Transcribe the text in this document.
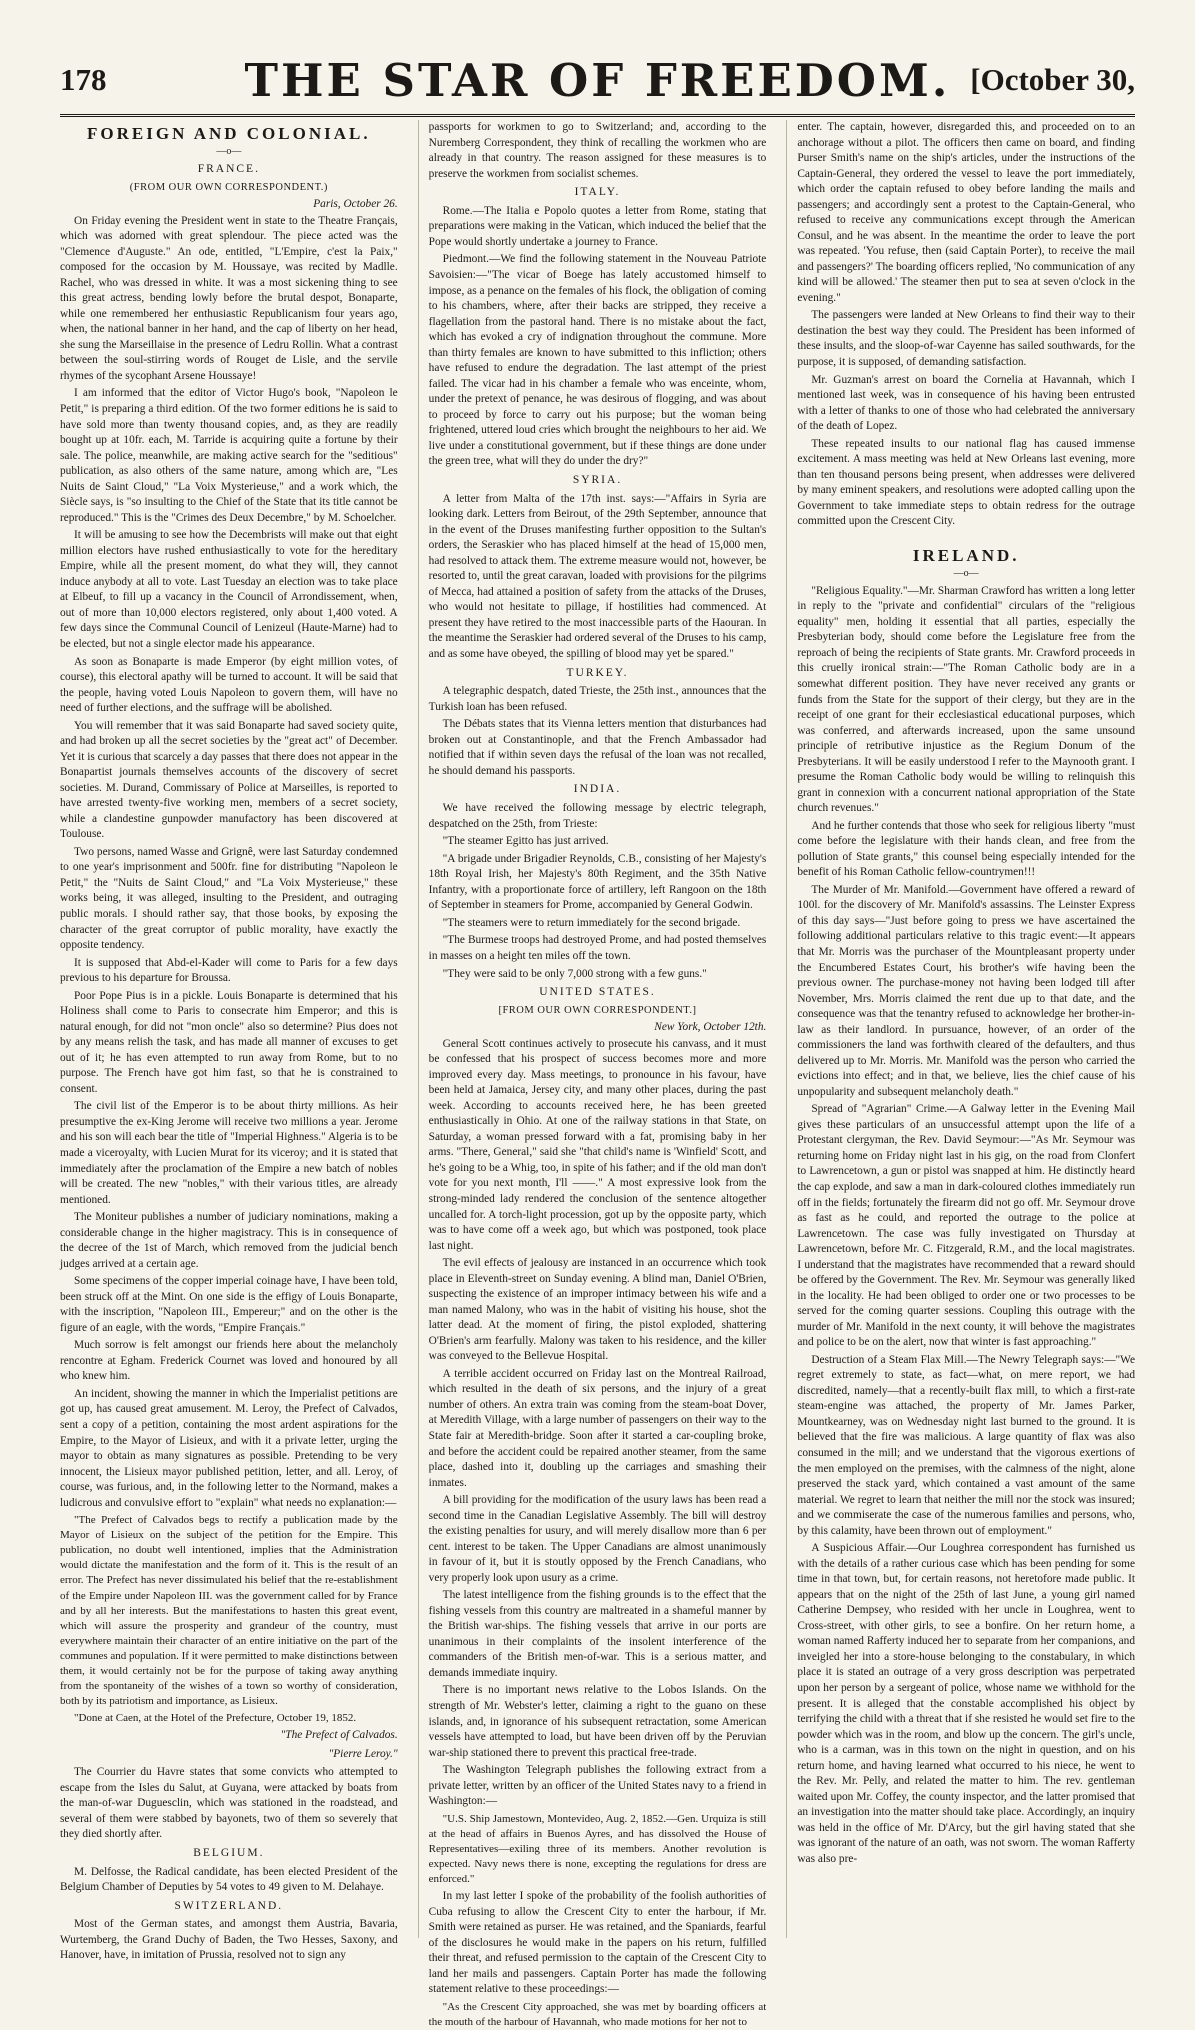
178	THE STAR OF FREEDOM. [October 30,
FOREIGN AND COLONIAL.
—o—
FRANCE.
(FROM OUR OWN CORRESPONDENT.)
Paris, October 26.

On Friday evening the President went in state to the Theatre Français, which was adorned with great splendour. The piece acted was the "Clemence d'Auguste." An ode, entitled, "L'Empire, c'est la Paix," composed for the occasion by M. Houssaye, was recited by Madlle. Rachel, who was dressed in white. It was a most sickening thing to see this great actress, bending lowly before the brutal despot, Bonaparte, while one remembered her enthusiastic Republicanism four years ago, when, the national banner in her hand, and the cap of liberty on her head, she sung the Marseillaise in the presence of Ledru Rollin. What a contrast between the soul-stirring words of Rouget de Lisle, and the servile rhymes of the sycophant Arsene Houssaye!

I am informed that the editor of Victor Hugo's book, "Napoleon le Petit," is preparing a third edition. Of the two former editions he is said to have sold more than twenty thousand copies, and, as they are readily bought up at 10fr. each, M. Tarride is acquiring quite a fortune by their sale. The police, meanwhile, are making active search for the "seditious" publication, as also others of the same nature, among which are, "Les Nuits de Saint Cloud," "La Voix Mysterieuse," and a work which, the Siècle says, is "so insulting to the Chief of the State that its title cannot be reproduced." This is the "Crimes des Deux Decembre," by M. Schoelcher.

It will be amusing to see how the Decembrists will make out that eight million electors have rushed enthusiastically to vote for the hereditary Empire, while all the present moment, do what they will, they cannot induce anybody at all to vote. Last Tuesday an election was to take place at Elbeuf, to fill up a vacancy in the Council of Arrondissement, when, out of more than 10,000 electors registered, only about 1,400 voted. A few days since the Communal Council of Lenizeul (Haute-Marne) had to be elected, but not a single elector made his appearance.

As soon as Bonaparte is made Emperor (by eight million votes, of course), this electoral apathy will be turned to account. It will be said that the people, having voted Louis Napoleon to govern them, will have no need of further elections, and the suffrage will be abolished.

You will remember that it was said Bonaparte had saved society quite, and had broken up all the secret societies by the "great act" of December. Yet it is curious that scarcely a day passes that there does not appear in the Bonapartist journals themselves accounts of the discovery of secret societies. M. Durand, Commissary of Police at Marseilles, is reported to have arrested twenty-five working men, members of a secret society, while a clandestine gunpowder manufactory has been discovered at Toulouse.

Two persons, named Wasse and Grignê, were last Saturday condemned to one year's imprisonment and 500fr. fine for distributing "Napoleon le Petit," the "Nuits de Saint Cloud," and "La Voix Mysterieuse," these works being, it was alleged, insulting to the President, and outraging public morals. I should rather say, that those books, by exposing the character of the great corruptor of public morality, have exactly the opposite tendency.

It is supposed that Abd-el-Kader will come to Paris for a few days previous to his departure for Broussa.

Poor Pope Pius is in a pickle. Louis Bonaparte is determined that his Holiness shall come to Paris to consecrate him Emperor; and this is natural enough, for did not "mon oncle" also so determine? Pius does not by any means relish the task, and has made all manner of excuses to get out of it; he has even attempted to run away from Rome, but to no purpose. The French have got him fast, so that he is constrained to consent.

The civil list of the Emperor is to be about thirty millions. As heir presumptive the ex-King Jerome will receive two millions a year. Jerome and his son will each bear the title of "Imperial Highness." Algeria is to be made a viceroyalty, with Lucien Murat for its viceroy; and it is stated that immediately after the proclamation of the Empire a new batch of nobles will be created. The new "nobles," with their various titles, are already mentioned.

The Moniteur publishes a number of judiciary nominations, making a considerable change in the higher magistracy. This is in consequence of the decree of the 1st of March, which removed from the judicial bench judges arrived at a certain age.

Some specimens of the copper imperial coinage have, I have been told, been struck off at the Mint. On one side is the effigy of Louis Bonaparte, with the inscription, "Napoleon III., Empereur;" and on the other is the figure of an eagle, with the words, "Empire Français."

Much sorrow is felt amongst our friends here about the melancholy rencontre at Egham. Frederick Cournet was loved and honoured by all who knew him.

An incident, showing the manner in which the Imperialist petitions are got up, has caused great amusement. M. Leroy, the Prefect of Calvados, sent a copy of a petition, containing the most ardent aspirations for the Empire, to the Mayor of Lisieux, and with it a private letter, urging the mayor to obtain as many signatures as possible. Pretending to be very innocent, the Lisieux mayor published petition, letter, and all. Leroy, of course, was furious, and, in the following letter to the Normand, makes a ludicrous and convulsive effort to "explain" what needs no explanation:—

"The Prefect of Calvados begs to rectify a publication made by the Mayor of Lisieux on the subject of the petition for the Empire. This publication, no doubt well intentioned, implies that the Administration would dictate the manifestation and the form of it. This is the result of an error. The Prefect has never dissimulated his belief that the re-establishment of the Empire under Napoleon III. was the government called for by France and by all her interests. But the manifestations to hasten this great event, which will assure the prosperity and grandeur of the country, must everywhere maintain their character of an entire initiative on the part of the communes and population. If it were permitted to make distinctions between them, it would certainly not be for the purpose of taking away anything from the spontaneity of the wishes of a town so worthy of consideration, both by its patriotism and importance, as Lisieux.

"Done at Caen, at the Hotel of the Prefecture, October 19, 1852.

"The Prefect of Calvados.
"Pierre Leroy."

The Courrier du Havre states that some convicts who attempted to escape from the Isles du Salut, at Guyana, were attacked by boats from the man-of-war Duguesclin, which was stationed in the roadstead, and several of them were stabbed by bayonets, two of them so severely that they died shortly after.

BELGIUM.

M. Delfosse, the Radical candidate, has been elected President of the Belgium Chamber of Deputies by 54 votes to 49 given to M. Delahaye.

SWITZERLAND.

Most of the German states, and amongst them Austria, Bavaria, Wurtemberg, the Grand Duchy of Baden, the Two Hesses, Saxony, and Hanover, have, in imitation of Prussia, resolved not to sign any

passports for workmen to go to Switzerland; and, according to the Nuremberg Correspondent, they think of recalling the workmen who are already in that country. The reason assigned for these measures is to preserve the workmen from socialist schemes.

ITALY.

Rome.—The Italia e Popolo quotes a letter from Rome, stating that preparations were making in the Vatican, which induced the belief that the Pope would shortly undertake a journey to France.

Piedmont.—We find the following statement in the Nouveau Patriote Savoisien:—"The vicar of Boege has lately accustomed himself to impose, as a penance on the females of his flock, the obligation of coming to his chambers, where, after their backs are stripped, they receive a flagellation from the pastoral hand. There is no mistake about the fact, which has evoked a cry of indignation throughout the commune. More than thirty females are known to have submitted to this infliction; others have refused to endure the degradation. The last attempt of the priest failed. The vicar had in his chamber a female who was enceinte, whom, under the pretext of penance, he was desirous of flogging, and was about to proceed by force to carry out his purpose; but the woman being frightened, uttered loud cries which brought the neighbours to her aid. We live under a constitutional government, but if these things are done under the green tree, what will they do under the dry?"

SYRIA.

A letter from Malta of the 17th inst. says:—"Affairs in Syria are looking dark. Letters from Beirout, of the 29th September, announce that in the event of the Druses manifesting further opposition to the Sultan's orders, the Seraskier who has placed himself at the head of 15,000 men, had resolved to attack them. The extreme measure would not, however, be resorted to, until the great caravan, loaded with provisions for the pilgrims of Mecca, had attained a position of safety from the attacks of the Druses, who would not hesitate to pillage, if hostilities had commenced. At present they have retired to the most inaccessible parts of the Haouran. In the meantime the Seraskier had ordered several of the Druses to his camp, and as some have obeyed, the spilling of blood may yet be spared."

TURKEY.

A telegraphic despatch, dated Trieste, the 25th inst., announces that the Turkish loan has been refused.

The Débats states that its Vienna letters mention that disturbances had broken out at Constantinople, and that the French Ambassador had notified that if within seven days the refusal of the loan was not recalled, he should demand his passports.

INDIA.

We have received the following message by electric telegraph, despatched on the 25th, from Trieste:

"The steamer Egitto has just arrived.

"A brigade under Brigadier Reynolds, C.B., consisting of her Majesty's 18th Royal Irish, her Majesty's 80th Regiment, and the 35th Native Infantry, with a proportionate force of artillery, left Rangoon on the 18th of September in steamers for Prome, accompanied by General Godwin.

"The steamers were to return immediately for the second brigade.

"The Burmese troops had destroyed Prome, and had posted themselves in masses on a height ten miles off the town.

"They were said to be only 7,000 strong with a few guns."

UNITED STATES.
[FROM OUR OWN CORRESPONDENT.]
New York, October 12th.

General Scott continues actively to prosecute his canvass, and it must be confessed that his prospect of success becomes more and more improved every day. Mass meetings, to pronounce in his favour, have been held at Jamaica, Jersey city, and many other places, during the past week. According to accounts received here, he has been greeted enthusiastically in Ohio. At one of the railway stations in that State, on Saturday, a woman pressed forward with a fat, promising baby in her arms. "There, General," said she "that child's name is 'Winfield' Scott, and he's going to be a Whig, too, in spite of his father; and if the old man don't vote for you next month, I'll ——." A most expressive look from the strong-minded lady rendered the conclusion of the sentence altogether uncalled for. A torch-light procession, got up by the opposite party, which was to have come off a week ago, but which was postponed, took place last night.

The evil effects of jealousy are instanced in an occurrence which took place in Eleventh-street on Sunday evening. A blind man, Daniel O'Brien, suspecting the existence of an improper intimacy between his wife and a man named Malony, who was in the habit of visiting his house, shot the latter dead. At the moment of firing, the pistol exploded, shattering O'Brien's arm fearfully. Malony was taken to his residence, and the killer was conveyed to the Bellevue Hospital.

A terrible accident occurred on Friday last on the Montreal Railroad, which resulted in the death of six persons, and the injury of a great number of others. An extra train was coming from the steam-boat Dover, at Meredith Village, with a large number of passengers on their way to the State fair at Meredith-bridge. Soon after it started a car-coupling broke, and before the accident could be repaired another steamer, from the same place, dashed into it, doubling up the carriages and smashing their inmates.

A bill providing for the modification of the usury laws has been read a second time in the Canadian Legislative Assembly. The bill will destroy the existing penalties for usury, and will merely disallow more than 6 per cent. interest to be taken. The Upper Canadians are almost unanimously in favour of it, but it is stoutly opposed by the French Canadians, who very properly look upon usury as a crime.

The latest intelligence from the fishing grounds is to the effect that the fishing vessels from this country are maltreated in a shameful manner by the British war-ships. The fishing vessels that arrive in our ports are unanimous in their complaints of the insolent interference of the commanders of the British men-of-war. This is a serious matter, and demands immediate inquiry.

There is no important news relative to the Lobos Islands. On the strength of Mr. Webster's letter, claiming a right to the guano on these islands, and, in ignorance of his subsequent retractation, some American vessels have attempted to load, but have been driven off by the Peruvian war-ship stationed there to prevent this practical free-trade.

The Washington Telegraph publishes the following extract from a private letter, written by an officer of the United States navy to a friend in Washington:—

"U.S. Ship Jamestown, Montevideo, Aug. 2, 1852.—Gen. Urquiza is still at the head of affairs in Buenos Ayres, and has dissolved the House of Representatives—exiling three of its members. Another revolution is expected. Navy news there is none, excepting the regulations for dress are enforced."

In my last letter I spoke of the probability of the foolish authorities of Cuba refusing to allow the Crescent City to enter the harbour, if Mr. Smith were retained as purser. He was retained, and the Spaniards, fearful of the disclosures he would make in the papers on his return, fulfilled their threat, and refused permission to the captain of the Crescent City to land her mails and passengers. Captain Porter has made the following statement relative to these proceedings:—

"As the Crescent City approached, she was met by boarding officers at the mouth of the harbour of Havannah, who made motions for her not to

enter. The captain, however, disregarded this, and proceeded on to an anchorage without a pilot. The officers then came on board, and finding Purser Smith's name on the ship's articles, under the instructions of the Captain-General, they ordered the vessel to leave the port immediately, which order the captain refused to obey before landing the mails and passengers; and accordingly sent a protest to the Captain-General, who refused to receive any communications except through the American Consul, and he was absent. In the meantime the order to leave the port was repeated. 'You refuse, then (said Captain Porter), to receive the mail and passengers?' The boarding officers replied, 'No communication of any kind will be allowed.' The steamer then put to sea at seven o'clock in the evening."

The passengers were landed at New Orleans to find their way to their destination the best way they could. The President has been informed of these insults, and the sloop-of-war Cayenne has sailed southwards, for the purpose, it is supposed, of demanding satisfaction.

Mr. Guzman's arrest on board the Cornelia at Havannah, which I mentioned last week, was in consequence of his having been entrusted with a letter of thanks to one of those who had celebrated the anniversary of the death of Lopez.

These repeated insults to our national flag has caused immense excitement. A mass meeting was held at New Orleans last evening, more than ten thousand persons being present, when addresses were delivered by many eminent speakers, and resolutions were adopted calling upon the Government to take immediate steps to obtain redress for the outrage committed upon the Crescent City.

IRELAND.
—o—

"Religious Equality."—Mr. Sharman Crawford has written a long letter in reply to the "private and confidential" circulars of the "religious equality" men, holding it essential that all parties, especially the Presbyterian body, should come before the Legislature free from the reproach of being the recipients of State grants. Mr. Crawford proceeds in this cruelly ironical strain:—"The Roman Catholic body are in a somewhat different position. They have never received any grants or funds from the State for the support of their clergy, but they are in the receipt of one grant for their ecclesiastical educational purposes, which was conferred, and afterwards increased, upon the same unsound principle of retributive injustice as the Regium Donum of the Presbyterians. It will be easily understood I refer to the Maynooth grant. I presume the Roman Catholic body would be willing to relinquish this grant in connexion with a concurrent national appropriation of the State church revenues."

And he further contends that those who seek for religious liberty "must come before the legislature with their hands clean, and free from the pollution of State grants," this counsel being especially intended for the benefit of his Roman Catholic fellow-countrymen!!!

The Murder of Mr. Manifold.—Government have offered a reward of 100l. for the discovery of Mr. Manifold's assassins. The Leinster Express of this day says—"Just before going to press we have ascertained the following additional particulars relative to this tragic event:—It appears that Mr. Morris was the purchaser of the Mountpleasant property under the Encumbered Estates Court, his brother's wife having been the previous owner. The purchase-money not having been lodged till after November, Mrs. Morris claimed the rent due up to that date, and the consequence was that the tenantry refused to acknowledge her brother-in-law as their landlord. In pursuance, however, of an order of the commissioners the land was forthwith cleared of the defaulters, and thus delivered up to Mr. Morris. Mr. Manifold was the person who carried the evictions into effect; and in that, we believe, lies the chief cause of his unpopularity and subsequent melancholy death."

Spread of "Agrarian" Crime.—A Galway letter in the Evening Mail gives these particulars of an unsuccessful attempt upon the life of a Protestant clergyman, the Rev. David Seymour:—"As Mr. Seymour was returning home on Friday night last in his gig, on the road from Clonfert to Lawrencetown, a gun or pistol was snapped at him. He distinctly heard the cap explode, and saw a man in dark-coloured clothes immediately run off in the fields; fortunately the firearm did not go off. Mr. Seymour drove as fast as he could, and reported the outrage to the police at Lawrencetown. The case was fully investigated on Thursday at Lawrencetown, before Mr. C. Fitzgerald, R.M., and the local magistrates. I understand that the magistrates have recommended that a reward should be offered by the Government. The Rev. Mr. Seymour was generally liked in the locality. He had been obliged to order one or two processes to be served for the coming quarter sessions. Coupling this outrage with the murder of Mr. Manifold in the next county, it will behove the magistrates and police to be on the alert, now that winter is fast approaching."

Destruction of a Steam Flax Mill.—The Newry Telegraph says:—"We regret extremely to state, as fact—what, on mere report, we had discredited, namely—that a recently-built flax mill, to which a first-rate steam-engine was attached, the property of Mr. James Parker, Mountkearney, was on Wednesday night last burned to the ground. It is believed that the fire was malicious. A large quantity of flax was also consumed in the mill; and we understand that the vigorous exertions of the men employed on the premises, with the calmness of the night, alone preserved the stack yard, which contained a vast amount of the same material. We regret to learn that neither the mill nor the stock was insured; and we commiserate the case of the numerous families and persons, who, by this calamity, have been thrown out of employment."

A Suspicious Affair.—Our Loughrea correspondent has furnished us with the details of a rather curious case which has been pending for some time in that town, but, for certain reasons, not heretofore made public. It appears that on the night of the 25th of last June, a young girl named Catherine Dempsey, who resided with her uncle in Loughrea, went to Cross-street, with other girls, to see a bonfire. On her return home, a woman named Rafferty induced her to separate from her companions, and inveigled her into a store-house belonging to the constabulary, in which place it is stated an outrage of a very gross description was perpetrated upon her person by a sergeant of police, whose name we withhold for the present. It is alleged that the constable accomplished his object by terrifying the child with a threat that if she resisted he would set fire to the powder which was in the room, and blow up the concern. The girl's uncle, who is a carman, was in this town on the night in question, and on his return home, and having learned what occurred to his niece, he went to the Rev. Mr. Pelly, and related the matter to him. The rev. gentleman waited upon Mr. Coffey, the county inspector, and the latter promised that an investigation into the matter should take place. Accordingly, an inquiry was held in the office of Mr. D'Arcy, but the girl having stated that she was ignorant of the nature of an oath, was not sworn. The woman Rafferty was also pre-
